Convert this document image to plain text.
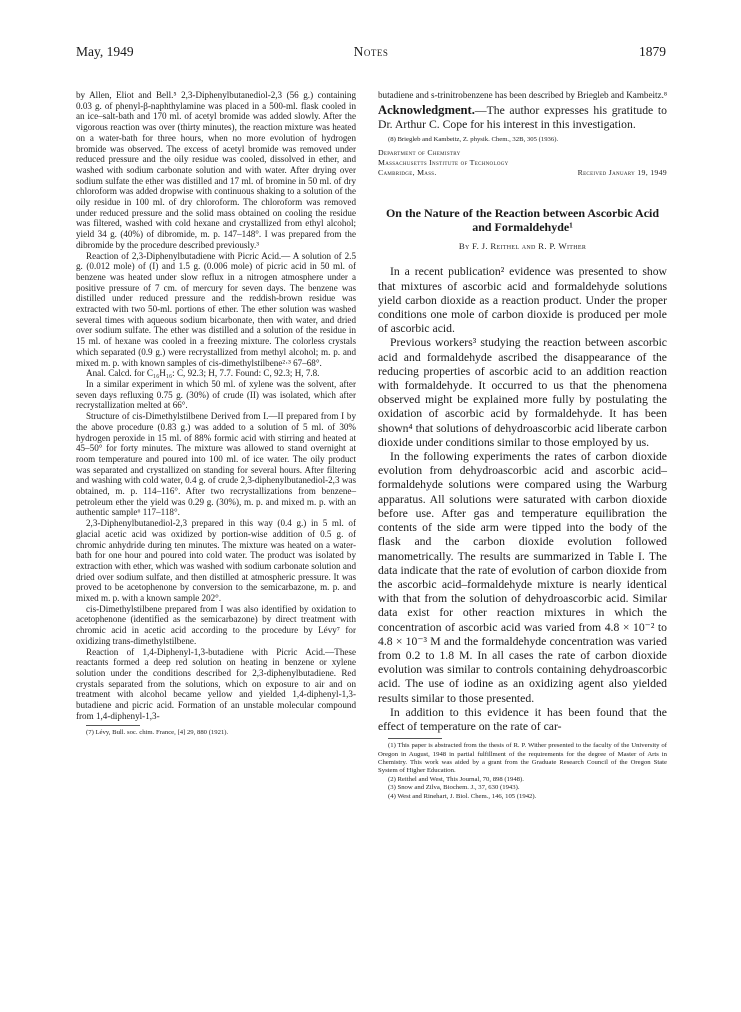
May, 1949	Notes	1879

by Allen, Eliot and Bell.⁵ 2,3-Diphenylbutanediol-2,3 (56 g.) containing 0.03 g. of phenyl-β-naphthylamine was placed in a 500-ml. flask cooled in an ice–salt-bath and 170 ml. of acetyl bromide was added slowly. After the vigorous reaction was over (thirty minutes), the reaction mixture was heated on a water-bath for three hours, when no more evolution of hydrogen bromide was observed. The excess of acetyl bromide was removed under reduced pressure and the oily residue was cooled, dissolved in ether, and washed with sodium carbonate solution and with water. After drying over sodium sulfate the ether was distilled and 17 ml. of bromine in 50 ml. of dry chloroform was added dropwise with continuous shaking to a solution of the oily residue in 100 ml. of dry chloroform. The chloroform was removed under reduced pressure and the solid mass obtained on cooling the residue was filtered, washed with cold hexane and crystallized from ethyl alcohol; yield 34 g. (40%) of dibromide, m. p. 147–148°. I was prepared from the dibromide by the procedure described previously.³

Reaction of 2,3-Diphenylbutadiene with Picric Acid.— A solution of 2.5 g. (0.012 mole) of (I) and 1.5 g. (0.006 mole) of picric acid in 50 ml. of benzene was heated under slow reflux in a nitrogen atmosphere under a positive pressure of 7 cm. of mercury for seven days. The benzene was distilled under reduced pressure and the reddish-brown residue was extracted with two 50-ml. portions of ether. The ether solution was washed several times with aqueous sodium bicarbonate, then with water, and dried over sodium sulfate. The ether was distilled and a solution of the residue in 15 ml. of hexane was cooled in a freezing mixture. The colorless crystals which separated (0.9 g.) were recrystallized from methyl alcohol; m. p. and mixed m. p. with known samples of cis-dimethylstilbene²·³ 67–68°.

Anal. Calcd. for C₁₆H₁₆: C, 92.3; H, 7.7. Found: C, 92.3; H, 7.8.

In a similar experiment in which 50 ml. of xylene was the solvent, after seven days refluxing 0.75 g. (30%) of crude (II) was isolated, which after recrystallization melted at 66°.

Structure of cis-Dimethylstilbene Derived from I.—II prepared from I by the above procedure (0.83 g.) was added to a solution of 5 ml. of 30% hydrogen peroxide in 15 ml. of 88% formic acid with stirring and heated at 45–50° for forty minutes. The mixture was allowed to stand overnight at room temperature and poured into 100 ml. of ice water. The oily product was separated and crystallized on standing for several hours. After filtering and washing with cold water, 0.4 g. of crude 2,3-diphenylbutanediol-2,3 was obtained, m. p. 114–116°. After two recrystallizations from benzene–petroleum ether the yield was 0.29 g. (30%), m. p. and mixed m. p. with an authentic sample⁶ 117–118°.

2,3-Diphenylbutanediol-2,3 prepared in this way (0.4 g.) in 5 ml. of glacial acetic acid was oxidized by portion-wise addition of 0.5 g. of chromic anhydride during ten minutes. The mixture was heated on a water-bath for one hour and poured into cold water. The product was isolated by extraction with ether, which was washed with sodium carbonate solution and dried over sodium sulfate, and then distilled at atmospheric pressure. It was proved to be acetophenone by conversion to the semicarbazone, m. p. and mixed m. p. with a known sample 202°.

cis-Dimethylstilbene prepared from I was also identified by oxidation to acetophenone (identified as the semicarbazone) by direct treatment with chromic acid in acetic acid according to the procedure by Lévy⁷ for oxidizing trans-dimethylstilbene.

Reaction of 1,4-Diphenyl-1,3-butadiene with Picric Acid.—These reactants formed a deep red solution on heating in benzene or xylene solution under the conditions described for 2,3-diphenylbutadiene. Red crystals separated from the solutions, which on exposure to air and on treatment with alcohol became yellow and yielded 1,4-diphenyl-1,3-butadiene and picric acid. Formation of an unstable molecular compound from 1,4-diphenyl-1,3-

(7) Lévy, Bull. soc. chim. France, [4] 29, 880 (1921).

butadiene and s-trinitrobenzene has been described by Briegleb and Kambeitz.⁸

Acknowledgment.—The author expresses his gratitude to Dr. Arthur C. Cope for his interest in this investigation.

(8) Briegleb and Kambeitz, Z. physik. Chem., 32B, 305 (1936).

Department of Chemistry
Massachusetts Institute of Technology
Cambridge, Mass.	Received January 19, 1949
On the Nature of the Reaction between Ascorbic Acid and Formaldehyde¹
By F. J. Reithel and R. P. Wither

In a recent publication² evidence was presented to show that mixtures of ascorbic acid and formaldehyde solutions yield carbon dioxide as a reaction product. Under the proper conditions one mole of carbon dioxide is produced per mole of ascorbic acid.

Previous workers³ studying the reaction between ascorbic acid and formaldehyde ascribed the disappearance of the reducing properties of ascorbic acid to an addition reaction with formaldehyde. It occurred to us that the phenomena observed might be explained more fully by postulating the oxidation of ascorbic acid by formaldehyde. It has been shown⁴ that solutions of dehydroascorbic acid liberate carbon dioxide under conditions similar to those employed by us.

In the following experiments the rates of carbon dioxide evolution from dehydroascorbic acid and ascorbic acid–formaldehyde solutions were compared using the Warburg apparatus. All solutions were saturated with carbon dioxide before use. After gas and temperature equilibration the contents of the side arm were tipped into the body of the flask and the carbon dioxide evolution followed manometrically. The results are summarized in Table I. The data indicate that the rate of evolution of carbon dioxide from the ascorbic acid–formaldehyde mixture is nearly identical with that from the solution of dehydroascorbic acid. Similar data exist for other reaction mixtures in which the concentration of ascorbic acid was varied from 4.8 × 10⁻² to 4.8 × 10⁻³ M and the formaldehyde concentration was varied from 0.2 to 1.8 M. In all cases the rate of carbon dioxide evolution was similar to controls containing dehydroascorbic acid. The use of iodine as an oxidizing agent also yielded results similar to those presented.

In addition to this evidence it has been found that the effect of temperature on the rate of car-

(1) This paper is abstracted from the thesis of R. P. Wither presented to the faculty of the University of Oregon in August, 1948 in partial fulfillment of the requirements for the degree of Master of Arts in Chemistry. This work was aided by a grant from the Graduate Research Council of the Oregon State System of Higher Education.

(2) Reithel and West, This Journal, 70, 898 (1948).

(3) Snow and Zilva, Biochem. J., 37, 630 (1943).

(4) West and Rinehart, J. Biol. Chem., 146, 105 (1942).
